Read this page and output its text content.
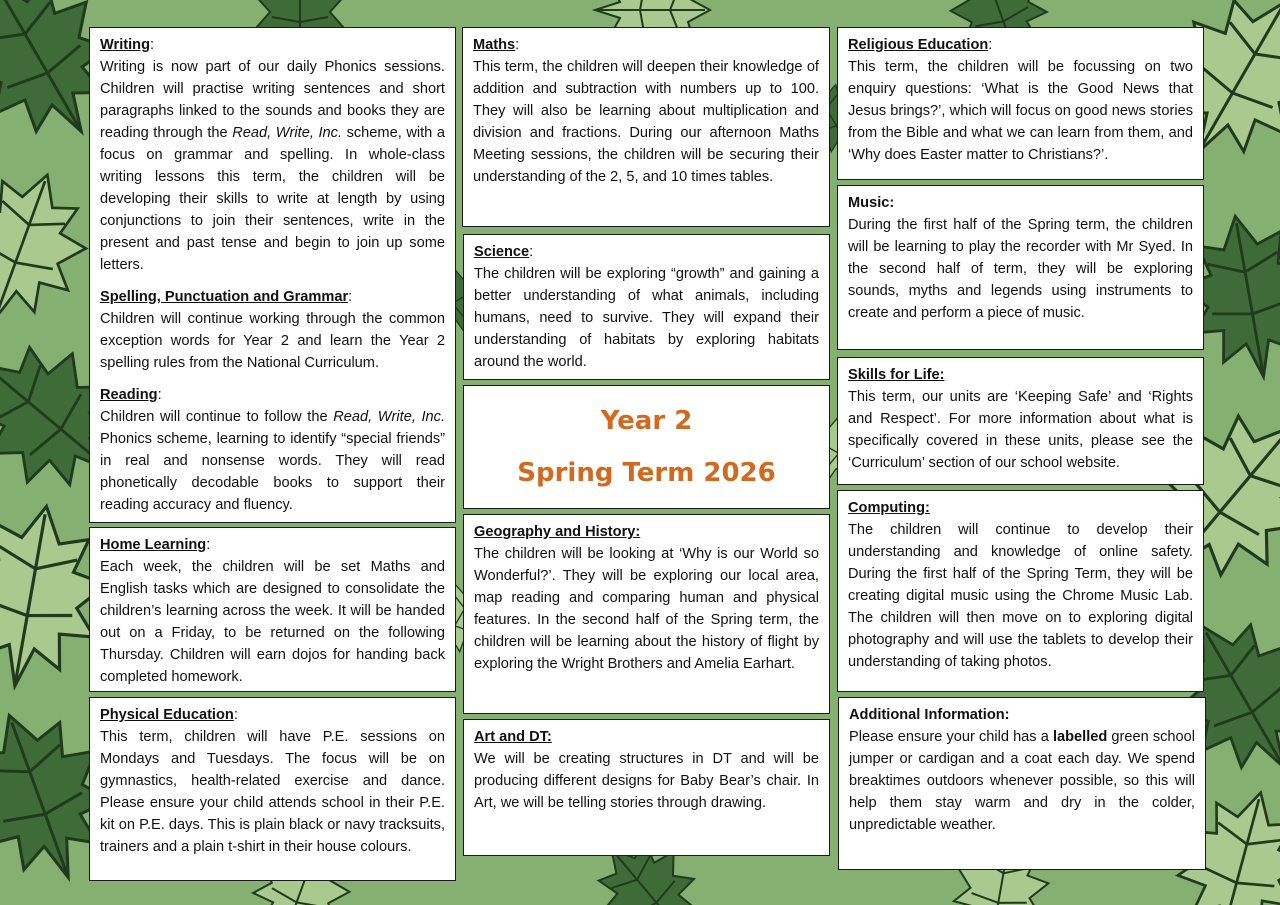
Writing:
Writing is now part of our daily Phonics sessions. Children will practise writing sentences and short paragraphs linked to the sounds and books they are reading through the Read, Write, Inc. scheme, with a focus on grammar and spelling. In whole-class writing lessons this term, the children will be developing their skills to write at length by using conjunctions to join their sentences, write in the present and past tense and begin to join up some letters.
Spelling, Punctuation and Grammar:
Children will continue working through the common exception words for Year 2 and learn the Year 2 spelling rules from the National Curriculum.
Reading:
Children will continue to follow the Read, Write, Inc. Phonics scheme, learning to identify “special friends” in real and nonsense words. They will read phonetically decodable books to support their reading accuracy and fluency.
Home Learning:
Each week, the children will be set Maths and English tasks which are designed to consolidate the children’s learning across the week. It will be handed out on a Friday, to be returned on the following Thursday. Children will earn dojos for handing back completed homework.
Physical Education:
This term, children will have P.E. sessions on Mondays and Tuesdays. The focus will be on gymnastics, health-related exercise and dance. Please ensure your child attends school in their P.E. kit on P.E. days. This is plain black or navy tracksuits, trainers and a plain t-shirt in their house colours.
Maths:
This term, the children will deepen their knowledge of addition and subtraction with numbers up to 100. They will also be learning about multiplication and division and fractions. During our afternoon Maths Meeting sessions, the children will be securing their understanding of the 2, 5, and 10 times tables.
Science:
The children will be exploring “growth” and gaining a better understanding of what animals, including humans, need to survive. They will expand their understanding of habitats by exploring habitats around the world.
Year 2
Spring Term 2026
Geography and History:
The children will be looking at ‘Why is our World so Wonderful?’. They will be exploring our local area, map reading and comparing human and physical features. In the second half of the Spring term, the children will be learning about the history of flight by exploring the Wright Brothers and Amelia Earhart.
Art and DT:
We will be creating structures in DT and will be producing different designs for Baby Bear’s chair. In Art, we will be telling stories through drawing.
Religious Education:
This term, the children will be focussing on two enquiry questions: ‘What is the Good News that Jesus brings?’, which will focus on good news stories from the Bible and what we can learn from them, and ‘Why does Easter matter to Christians?’.
Music:
During the first half of the Spring term, the children will be learning to play the recorder with Mr Syed. In the second half of term, they will be exploring sounds, myths and legends using instruments to create and perform a piece of music.
Skills for Life:
This term, our units are ‘Keeping Safe’ and ‘Rights and Respect’. For more information about what is specifically covered in these units, please see the ‘Curriculum’ section of our school website.
Computing:
The children will continue to develop their understanding and knowledge of online safety. During the first half of the Spring Term, they will be creating digital music using the Chrome Music Lab. The children will then move on to exploring digital photography and will use the tablets to develop their understanding of taking photos.
Additional Information:
Please ensure your child has a labelled green school jumper or cardigan and a coat each day. We spend breaktimes outdoors whenever possible, so this will help them stay warm and dry in the colder, unpredictable weather.
